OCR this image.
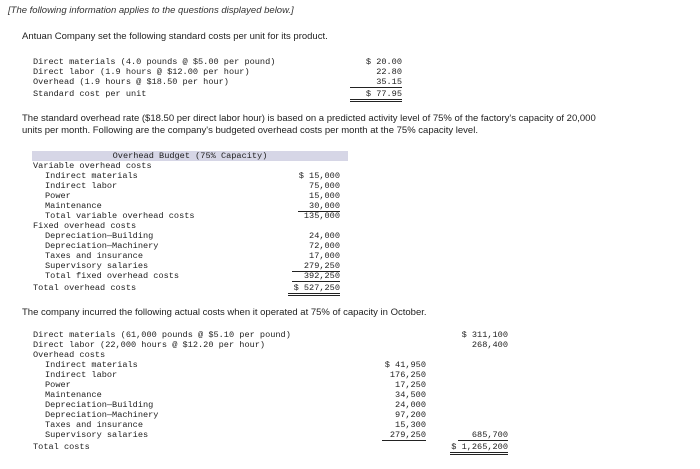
[The following information applies to the questions displayed below.]
Antuan Company set the following standard costs per unit for its product.
Direct materials (4.0 pounds @ $5.00 per pound)	$ 20.00
Direct labor (1.9 hours @ $12.00 per hour)	22.80
Overhead (1.9 hours @ $18.50 per hour)	35.15
Standard cost per unit	$ 77.95
The standard overhead rate ($18.50 per direct labor hour) is based on a predicted activity level of 75% of the factory's capacity of 20,000
units per month. Following are the company's budgeted overhead costs per month at the 75% capacity level.
Overhead Budget (75% Capacity)
Variable overhead costs
Indirect materials	$ 15,000
Indirect labor	75,000
Power	15,000
Maintenance	30,000
Total variable overhead costs	135,000
Fixed overhead costs
Depreciation—Building	24,000
Depreciation—Machinery	72,000
Taxes and insurance	17,000
Supervisory salaries	279,250
Total fixed overhead costs	392,250
Total overhead costs	$ 527,250
The company incurred the following actual costs when it operated at 75% of capacity in October.
Direct materials (61,000 pounds @ $5.10 per pound)	$ 311,100
Direct labor (22,000 hours @ $12.20 per hour)	268,400
Overhead costs
Indirect materials	$ 41,950
Indirect labor	176,250
Power	17,250
Maintenance	34,500
Depreciation—Building	24,000
Depreciation—Machinery	97,200
Taxes and insurance	15,300
Supervisory salaries	279,250	685,700
Total costs	$ 1,265,200
